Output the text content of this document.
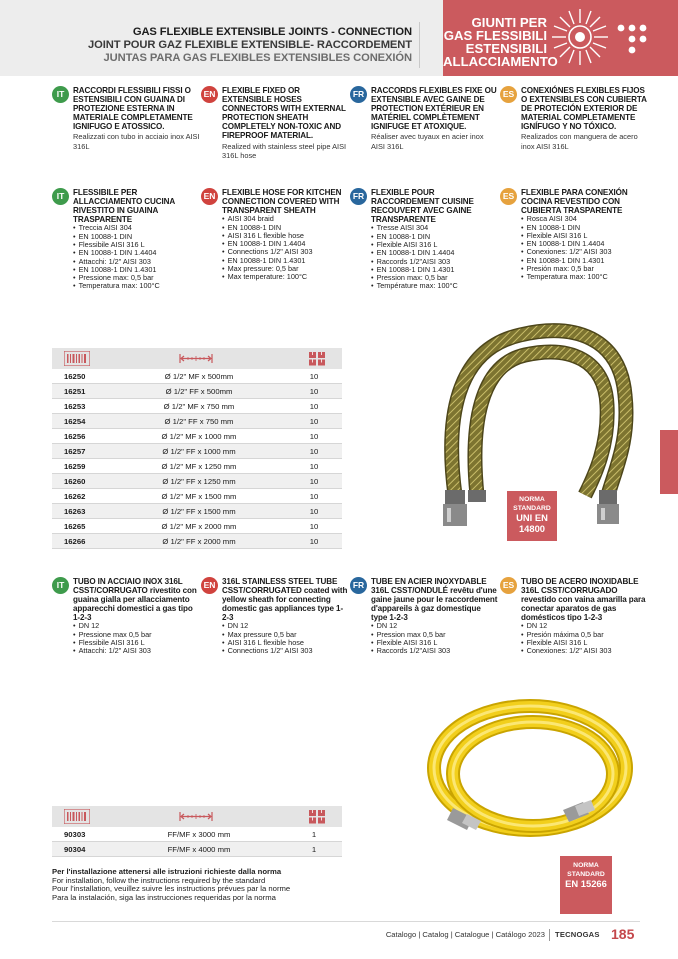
GAS FLEXIBLE EXTENSIBLE JOINTS - CONNECTION
JOINT POUR GAZ FLEXIBLE EXTENSIBLE- RACCORDEMENT
JUNTAS PARA GAS FLEXIBLES EXTENSIBLES CONEXIÓN
GIUNTI PER
GAS FLESSIBILI
ESTENSIBILI
ALLACCIAMENTO
IT	RACCORDI FLESSIBILI FISSI O ESTENSIBILI CON GUAINA DI PROTEZIONE ESTERNA IN MATERIALE COMPLETAMENTE IGNIFUGO E ATOSSICO.
Realizzati con tubo in acciaio inox AISI 316L
EN FLEXIBLE FIXED OR EXTENSIBLE HOSES CONNECTORS WITH EXTERNAL PROTECTION SHEATH COMPLETELY NON-TOXIC AND FIREPROOF MATERIAL.
Realized with stainless steel pipe AISI 316L hose
FR RACCORDS FLEXIBLES FIXE OU EXTENSIBLE AVEC GAINE DE PROTECTION EXTÉRIEUR EN MATÉRIEL COMPLÈTEMENT IGNIFUGE ET ATOXIQUE.
Réaliser avec tuyaux en acier inox AISI 316L
ES CONEXIÓNES FLEXIBLES FIJOS O EXTENSIBLES CON CUBIERTA DE PROTECIÓN EXTERIOR DE MATERIAL COMPLETAMENTE IGNÍFUGO Y NO TÓXICO.
Realizados con manguera de acero inox AISI 316L
IT	FLESSIBILE PER ALLACCIAMENTO CUCINA RIVESTITO IN GUAINA TRASPARENTE
• Treccia AISI 304
• EN 10088-1 DIN
• Flessibile AISI 316 L
• EN 10088-1 DIN 1.4404
• Attacchi: 1/2" AISI 303
• EN 10088-1 DIN 1.4301
• Pressione max: 0,5 bar
• Temperatura max: 100°C
EN FLEXIBLE HOSE FOR KITCHEN CONNECTION COVERED WITH TRANSPARENT SHEATH
• AISI 304 braid
• EN 10088-1 DIN
• AISI 316 L flexible hose
• EN 10088-1 DIN 1.4404
• Connections 1/2" AISI 303
• EN 10088-1 DIN 1.4301
• Max pressure: 0,5 bar
• Max temperature: 100°C
FR FLEXIBLE POUR RACCORDEMENT CUISINE RECOUVERT AVEC GAINE TRANSPARENTE
• Tresse AISI 304
• EN 10088-1 DIN
• Flexible AISI 316 L
• EN 10088-1 DIN 1.4404
• Raccords 1/2"AISI 303
• EN 10088-1 DIN 1.4301
• Pression max: 0,5 bar
• Température max: 100°C
ES FLEXIBLE PARA CONEXIÓN COCINA REVESTIDO CON CUBIERTA TRASPARENTE
• Rosca AISI 304
• EN 10088-1 DIN
• Flexible AISI 316 L
• EN 10088-1 DIN 1.4404
• Conexiones: 1/2" AISI 303
• EN 10088-1 DIN 1.4301
• Presión max: 0,5 bar
• Temperatura max: 100°C
16250	Ø 1/2" MF x 500mm	10
16251	Ø 1/2" FF x 500mm	10
16253	Ø 1/2" MF x 750 mm	10
16254	Ø 1/2" FF x 750 mm	10
16256	Ø 1/2" MF x 1000 mm	10
16257	Ø 1/2" FF x 1000 mm	10
16259	Ø 1/2" MF x 1250 mm	10
16260	Ø 1/2" FF x 1250 mm	10
16262	Ø 1/2" MF x 1500 mm	10
16263	Ø 1/2" FF x 1500 mm	10
16265	Ø 1/2" MF x 2000 mm	10
16266	Ø 1/2" FF x 2000 mm	10
NORMA
STANDARD
UNI EN
14800
IT	TUBO IN ACCIAIO INOX 316L CSST/CORRUGATO rivestito con guaina gialla per allacciamento apparecchi domestici a gas tipo 1-2-3
• DN 12
• Pressione max 0,5 bar
• Flessibile AISI 316 L
• Attacchi: 1/2" AISI 303
EN 316L STAINLESS STEEL TUBE CSST/CORRUGATED coated with yellow sheath for connecting domestic gas appliances type 1-2-3
• DN 12
• Max pressure 0,5 bar
• AISI 316 L flexible hose
• Connections 1/2" AISI 303
FR TUBE EN ACIER INOXYDABLE 316L CSST/ONDULÉ revêtu d'une gaine jaune pour le raccordement d'appareils à gaz domestique type 1-2-3
• DN 12
• Pression max 0,5 bar
• Flexible AISI 316 L
• Raccords 1/2"AISI 303
ES TUBO DE ACERO INOXIDABLE 316L CSST/CORRUGADO revestido con vaina amarilla para conectar aparatos de gas domésticos tipo 1-2-3
• DN 12
• Presión máxima 0,5 bar
• Flexible AISI 316 L
• Conexiones: 1/2" AISI 303
90303	FF/MF x 3000 mm	1
90304	FF/MF x 4000 mm	1
NORMA
STANDARD
EN 15266
Per l'installazione attenersi alle istruzioni richieste dalla norma
For installation, follow the instructions required by the standard
Pour l'installation, veuillez suivre les instructions prévues par la norme
Para la instalación, siga las instrucciones requeridas por la norma
Catalogo | Catalog | Catalogue | Catálogo 2023 TECNOGAS 185
